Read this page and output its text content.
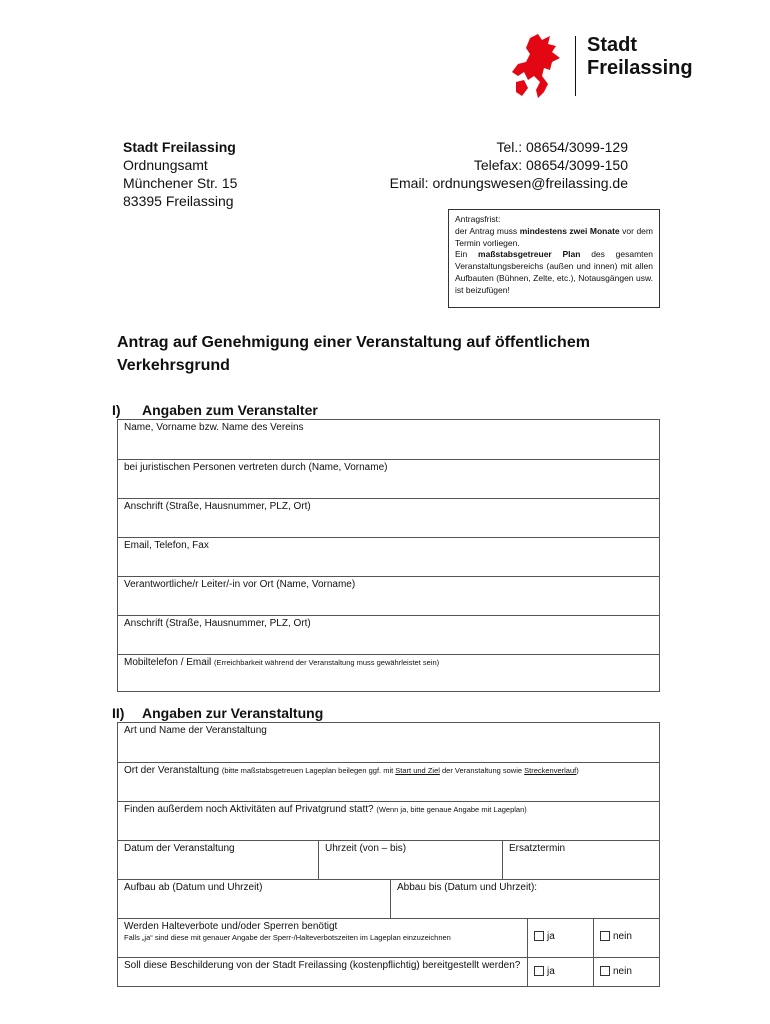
Stadt
Freilassing
Stadt Freilassing
Ordnungsamt
Münchener Str. 15
83395 Freilassing
Tel.: 08654/3099-129
Telefax: 08654/3099-150
Email: ordnungswesen@freilassing.de
Antragsfrist:
der Antrag muss mindestens zwei Monate vor dem Termin vorliegen.
Ein maßstabsgetreuer Plan des gesamten Veranstaltungsbereichs (außen und innen) mit allen Aufbauten (Bühnen, Zelte, etc.), Notausgängen usw. ist beizufügen!
Antrag auf Genehmigung einer Veranstaltung auf öffentlichem Verkehrsgrund
I) Angaben zum Veranstalter
Name, Vorname bzw. Name des Vereins
bei juristischen Personen vertreten durch (Name, Vorname)
Anschrift (Straße, Hausnummer, PLZ, Ort)
Email, Telefon, Fax
Verantwortliche/r Leiter/-in vor Ort (Name, Vorname)
Anschrift (Straße, Hausnummer, PLZ, Ort)
Mobiltelefon / Email (Erreichbarkeit während der Veranstaltung muss gewährleistet sein)
II) Angaben zur Veranstaltung
Art und Name der Veranstaltung
Ort der Veranstaltung (bitte maßstabsgetreuen Lageplan beilegen ggf. mit Start und Ziel der Veranstaltung sowie Streckenverlauf)
Finden außerdem noch Aktivitäten auf Privatgrund statt? (Wenn ja, bitte genaue Angabe mit Lageplan)
Datum der Veranstaltung	Uhrzeit (von – bis)	Ersatztermin
Aufbau ab (Datum und Uhrzeit)	Abbau bis (Datum und Uhrzeit):
Werden Halteverbote und/oder Sperren benötigt
Falls „ja“ sind diese mit genauer Angabe der Sperr-/Halteverbotszeiten im Lageplan einzuzeichnen	ja	nein
Soll diese Beschilderung von der Stadt Freilassing (kostenpflichtig) bereitgestellt werden?
ja	nein
